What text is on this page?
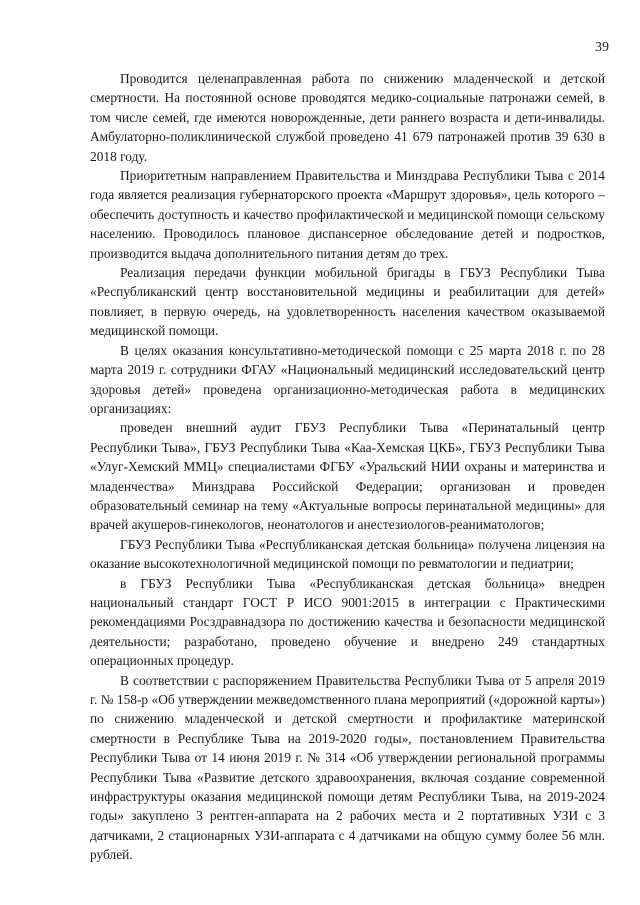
39

Проводится целенаправленная работа по снижению младенческой и детской смертности. На постоянной основе проводятся медико-социальные патронажи семей, в том числе семей, где имеются новорожденные, дети раннего возраста и дети-инвалиды. Амбулаторно-поликлинической службой проведено 41 679 патронажей против 39 630 в 2018 году.

Приоритетным направлением Правительства и Минздрава Республики Тыва с 2014 года является реализация губернаторского проекта «Маршрут здоровья», цель которого – обеспечить доступность и качество профилактической и медицинской помощи сельскому населению. Проводилось плановое диспансерное обследование детей и подростков, производится выдача дополнительного питания детям до трех.

Реализация передачи функции мобильной бригады в ГБУЗ Республики Тыва «Республиканский центр восстановительной медицины и реабилитации для детей» повлияет, в первую очередь, на удовлетворенность населения качеством оказываемой медицинской помощи.

В целях оказания консультативно-методической помощи с 25 марта 2018 г. по 28 марта 2019 г. сотрудники ФГАУ «Национальный медицинский исследовательский центр здоровья детей» проведена организационно-методическая работа в медицинских организациях:

проведен внешний аудит ГБУЗ Республики Тыва «Перинатальный центр Республики Тыва», ГБУЗ Республики Тыва «Каа-Хемская ЦКБ», ГБУЗ Республики Тыва «Улуг-Хемский ММЦ» специалистами ФГБУ «Уральский НИИ охраны и материнства и младенчества» Минздрава Российской Федерации; организован и проведен образовательный семинар на тему «Актуальные вопросы перинатальной медицины» для врачей акушеров-гинекологов, неонатологов и анестезиологов-реаниматологов;

ГБУЗ Республики Тыва «Республиканская детская больница» получена лицензия на оказание высокотехнологичной медицинской помощи по ревматологии и педиатрии;

в ГБУЗ Республики Тыва «Республиканская детская больница» внедрен национальный стандарт ГОСТ Р ИСО 9001:2015 в интеграции с Практическими рекомендациями Росздравнадзора по достижению качества и безопасности медицинской деятельности; разработано, проведено обучение и внедрено 249 стандартных операционных процедур.

В соответствии с распоряжением Правительства Республики Тыва от 5 апреля 2019 г. № 158-р «Об утверждении межведомственного плана мероприятий («дорожной карты») по снижению младенческой и детской смертности и профилактике материнской смертности в Республике Тыва на 2019-2020 годы», постановлением Правительства Республики Тыва от 14 июня 2019 г. № 314 «Об утверждении региональной программы Республики Тыва «Развитие детского здравоохранения, включая создание современной инфраструктуры оказания медицинской помощи детям Республики Тыва, на 2019-2024 годы» закуплено 3 рентген-аппарата на 2 рабочих места и 2 портативных УЗИ с 3 датчиками, 2 стационарных УЗИ-аппарата с 4 датчиками на общую сумму более 56 млн. рублей.
